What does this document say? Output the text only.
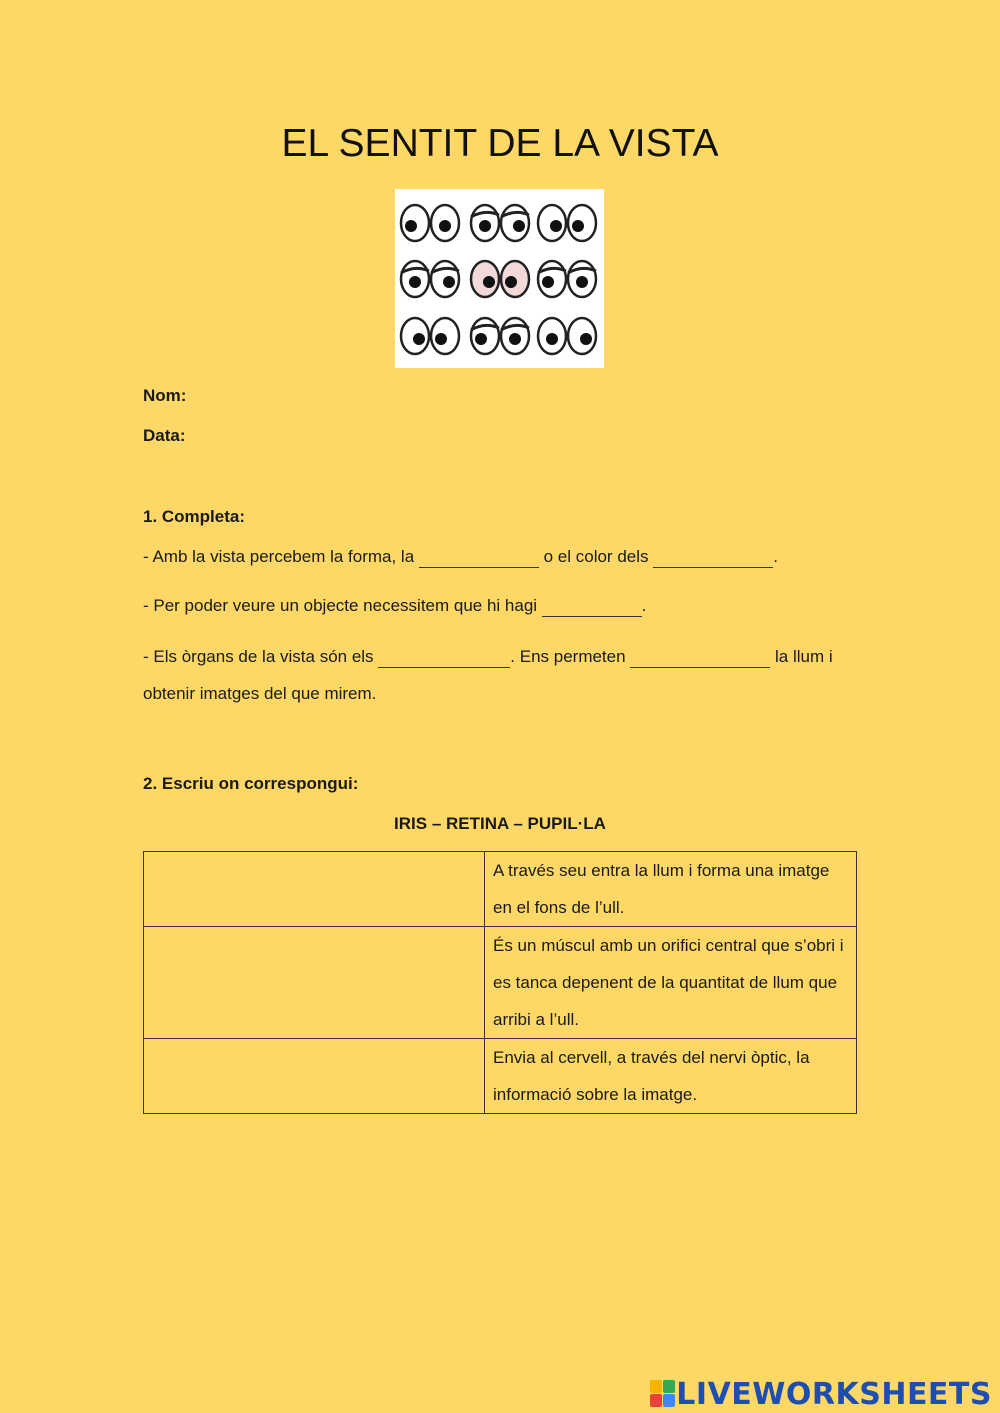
EL SENTIT DE LA VISTA
Nom:
Data:
1. Completa:
- Amb la vista percebem la forma, la	o el color dels	.
- Per poder veure un objecte necessitem que hi hagi	.
- Els òrgans de la vista són els	. Ens permeten	la llum i
obtenir imatges del que mirem.
2. Escriu on correspongui:
IRIS – RETINA – PUPIL·LA
	A través seu entra la llum i forma una imatge en el fons de l’ull.
	És un múscul amb un orifici central que s’obri i es tanca depenent de la quantitat de llum que arribi a l’ull.
	Envia al cervell, a través del nervi òptic, la informació sobre la imatge.
LIVEWORKSHEETS
